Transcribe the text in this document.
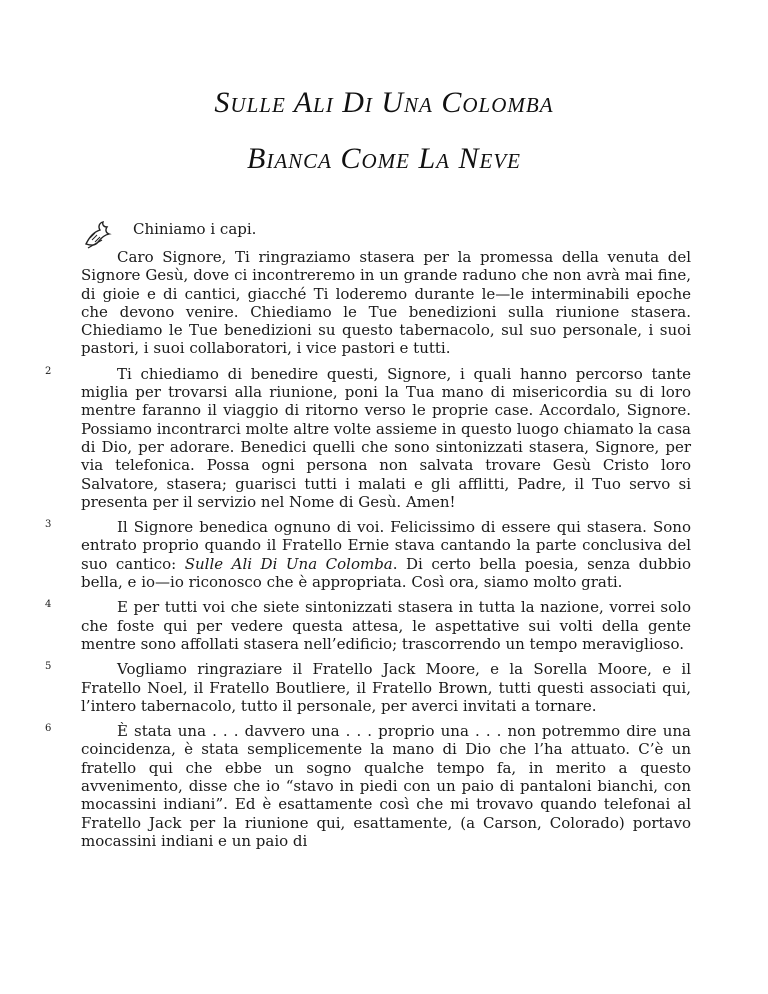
Sulle Ali Di Una Colomba
Bianca Come La Neve
Chiniamo i capi.

Caro Signore, Ti ringraziamo stasera per la promessa della venuta del Signore Gesù, dove ci incontreremo in un grande raduno che non avrà mai fine, di gioie e di cantici, giacché Ti loderemo durante le—le interminabili epoche che devono venire. Chiediamo le Tue benedizioni sulla riunione stasera. Chiediamo le Tue benedizioni su questo tabernacolo, sul suo personale, i suoi pastori, i suoi collaboratori, i vice pastori e tutti.

2	Ti chiediamo di benedire questi, Signore, i quali hanno percorso tante miglia per trovarsi alla riunione, poni la Tua mano di misericordia su di loro mentre faranno il viaggio di ritorno verso le proprie case. Accordalo, Signore. Possiamo incontrarci molte altre volte assieme in questo luogo chiamato la casa di Dio, per adorare. Benedici quelli che sono sintonizzati stasera, Signore, per via telefonica. Possa ogni persona non salvata trovare Gesù Cristo loro Salvatore, stasera; guarisci tutti i malati e gli afflitti, Padre, il Tuo servo si presenta per il servizio nel Nome di Gesù. Amen!

3	Il Signore benedica ognuno di voi. Felicissimo di essere qui stasera. Sono entrato proprio quando il Fratello Ernie stava cantando la parte conclusiva del suo cantico: Sulle Ali Di Una Colomba. Di certo bella poesia, senza dubbio bella, e io—io riconosco che è appropriata. Così ora, siamo molto grati.

4	E per tutti voi che siete sintonizzati stasera in tutta la nazione, vorrei solo che foste qui per vedere questa attesa, le aspettative sui volti della gente mentre sono affollati stasera nell’edificio; trascorrendo un tempo meraviglioso.

5	Vogliamo ringraziare il Fratello Jack Moore, e la Sorella Moore, e il Fratello Noel, il Fratello Boutliere, il Fratello Brown, tutti questi associati qui, l’intero tabernacolo, tutto il personale, per averci invitati a tornare.

6	È stata una . . . davvero una . . . proprio una . . . non potremmo dire una coincidenza, è stata semplicemente la mano di Dio che l’ha attuato. C’è un fratello qui che ebbe un sogno qualche tempo fa, in merito a questo avvenimento, disse che io “stavo in piedi con un paio di pantaloni bianchi, con mocassini indiani”. Ed è esattamente così che mi trovavo quando telefonai al Fratello Jack per la riunione qui, esattamente, (a Carson, Colorado) portavo mocassini indiani e un paio di
